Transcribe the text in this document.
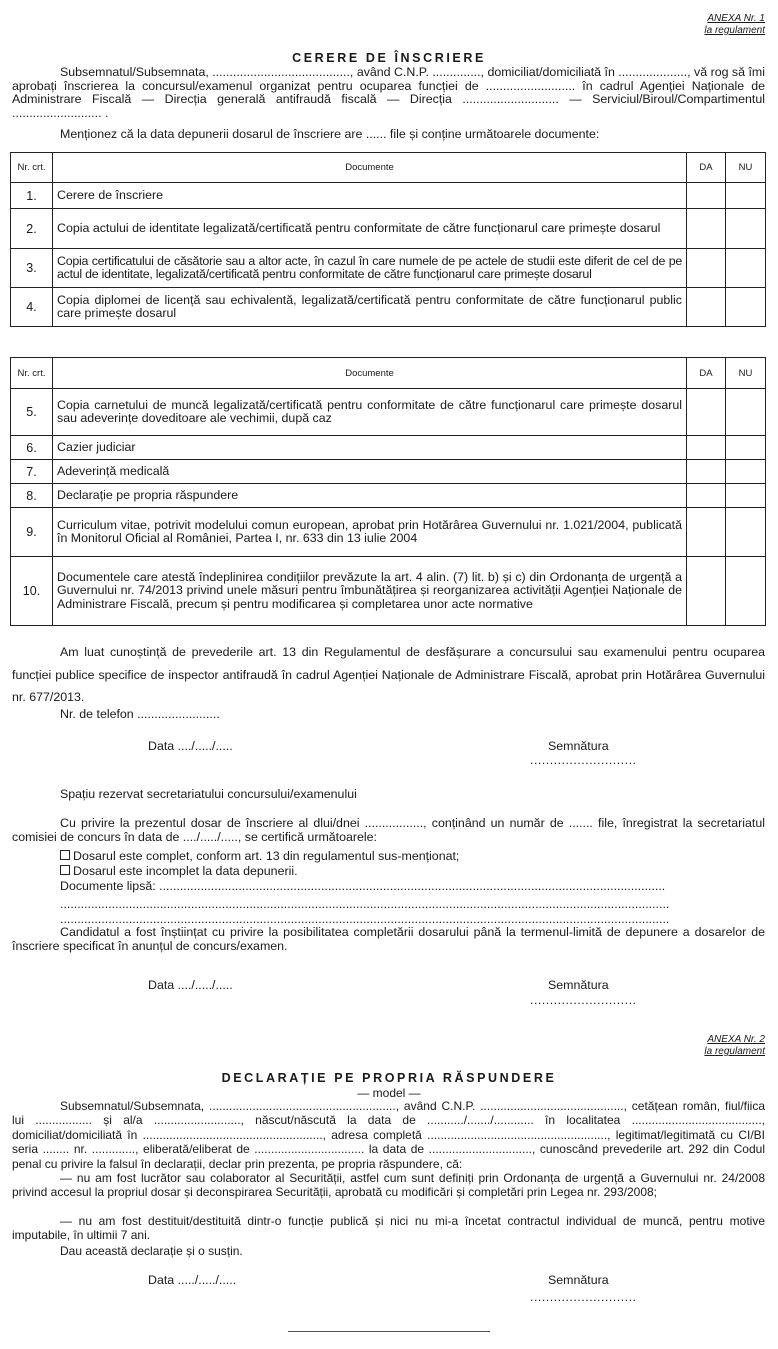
ANEXA Nr. 1
la regulament
CERERE DE ÎNSCRIERE
Subsemnatul/Subsemnata, ........................................, având C.N.P. .............., domiciliat/domiciliată în ...................., vă rog să îmi aprobați înscrierea la concursul/examenul organizat pentru ocuparea funcției de .......................... în cadrul Agenției Naționale de Administrare Fiscală — Direcția generală antifraudă fiscală — Direcția ............................ — Serviciul/Biroul/Compartimentul .......................... .
Menționez că la data depunerii dosarul de înscriere are ...... file și conține următoarele documente:
Nr. crt.	Documente	DA	NU
1.	Cerere de înscriere		
2.	Copia actului de identitate legalizată/certificată pentru conformitate de către funcționarul care primește dosarul		
3.	Copia certificatului de căsătorie sau a altor acte, în cazul în care numele de pe actele de studii este diferit de cel de pe actul de identitate, legalizată/certificată pentru conformitate de către funcționarul care primește dosarul		
4.	Copia diplomei de licență sau echivalentă, legalizată/certificată pentru conformitate de către funcționarul public care primește dosarul		
Nr. crt.	Documente	DA	NU
5.	Copia carnetului de muncă legalizată/certificată pentru conformitate de către funcționarul care primește dosarul sau adeverințe doveditoare ale vechimii, după caz		
6.	Cazier judiciar		
7.	Adeverință medicală		
8.	Declarație pe propria răspundere		
9.	Curriculum vitae, potrivit modelului comun european, aprobat prin Hotărârea Guvernului nr. 1.021/2004, publicată în Monitorul Oficial al României, Partea I, nr. 633 din 13 iulie 2004		
10.	Documentele care atestă îndeplinirea condițiilor prevăzute la art. 4 alin. (7) lit. b) și c) din Ordonanța de urgență a Guvernului nr. 74/2013 privind unele măsuri pentru îmbunătățirea și reorganizarea activității Agenției Naționale de Administrare Fiscală, precum și pentru modificarea și completarea unor acte normative		
Am luat cunoștință de prevederile art. 13 din Regulamentul de desfășurare a concursului sau examenului pentru ocuparea funcției publice specifice de inspector antifraudă în cadrul Agenției Naționale de Administrare Fiscală, aprobat prin Hotărârea Guvernului nr. 677/2013.
Nr. de telefon ........................
Data ..../...../.....	Semnătura
...........................
Spațiu rezervat secretariatului concursului/examenului
Cu privire la prezentul dosar de înscriere al dlui/dnei ................., conținând un număr de ....... file, înregistrat la secretariatul comisiei de concurs în data de ..../...../....., se certifică următoarele:
Dosarul este complet, conform art. 13 din regulamentul sus-menționat;
Dosarul este incomplet la data depunerii.
Documente lipsă: ...................................................................................................................................................
.................................................................................................................................................................................
.................................................................................................................................................................................
Candidatul a fost înștiințat cu privire la posibilitatea completării dosarului până la termenul-limită de depunere a dosarelor de înscriere specificat în anunțul de concurs/examen.
Data ..../...../.....	Semnătura
...........................
ANEXA Nr. 2
la regulament
DECLARAȚIE PE PROPRIA RĂSPUNDERE
— model —
Subsemnatul/Subsemnata, ........................................................, având C.N.P. ..........................................., cetățean român, fiul/fiica lui ................. și al/a .........................., născut/născută la data de .........../......./............ în localitatea ......................................., domiciliat/domiciliată în ......................................................, adresa completă ......................................................, legitimat/legitimată cu CI/BI seria ........ nr. ............., eliberată/eliberat de ................................. la data de ..............................., cunoscând prevederile art. 292 din Codul penal cu privire la falsul în declarații, declar prin prezenta, pe propria răspundere, că:
— nu am fost lucrător sau colaborator al Securității, astfel cum sunt definiți prin Ordonanța de urgență a Guvernului nr. 24/2008 privind accesul la propriul dosar și deconspirarea Securității, aprobată cu modificări și completări prin Legea nr. 293/2008;
— nu am fost destituit/destituită dintr-o funcție publică și nici nu mi-a încetat contractul individual de muncă, pentru motive imputabile, în ultimii 7 ani.
Dau această declarație și o susțin.
Data ...../...../.....	Semnătura
...........................
